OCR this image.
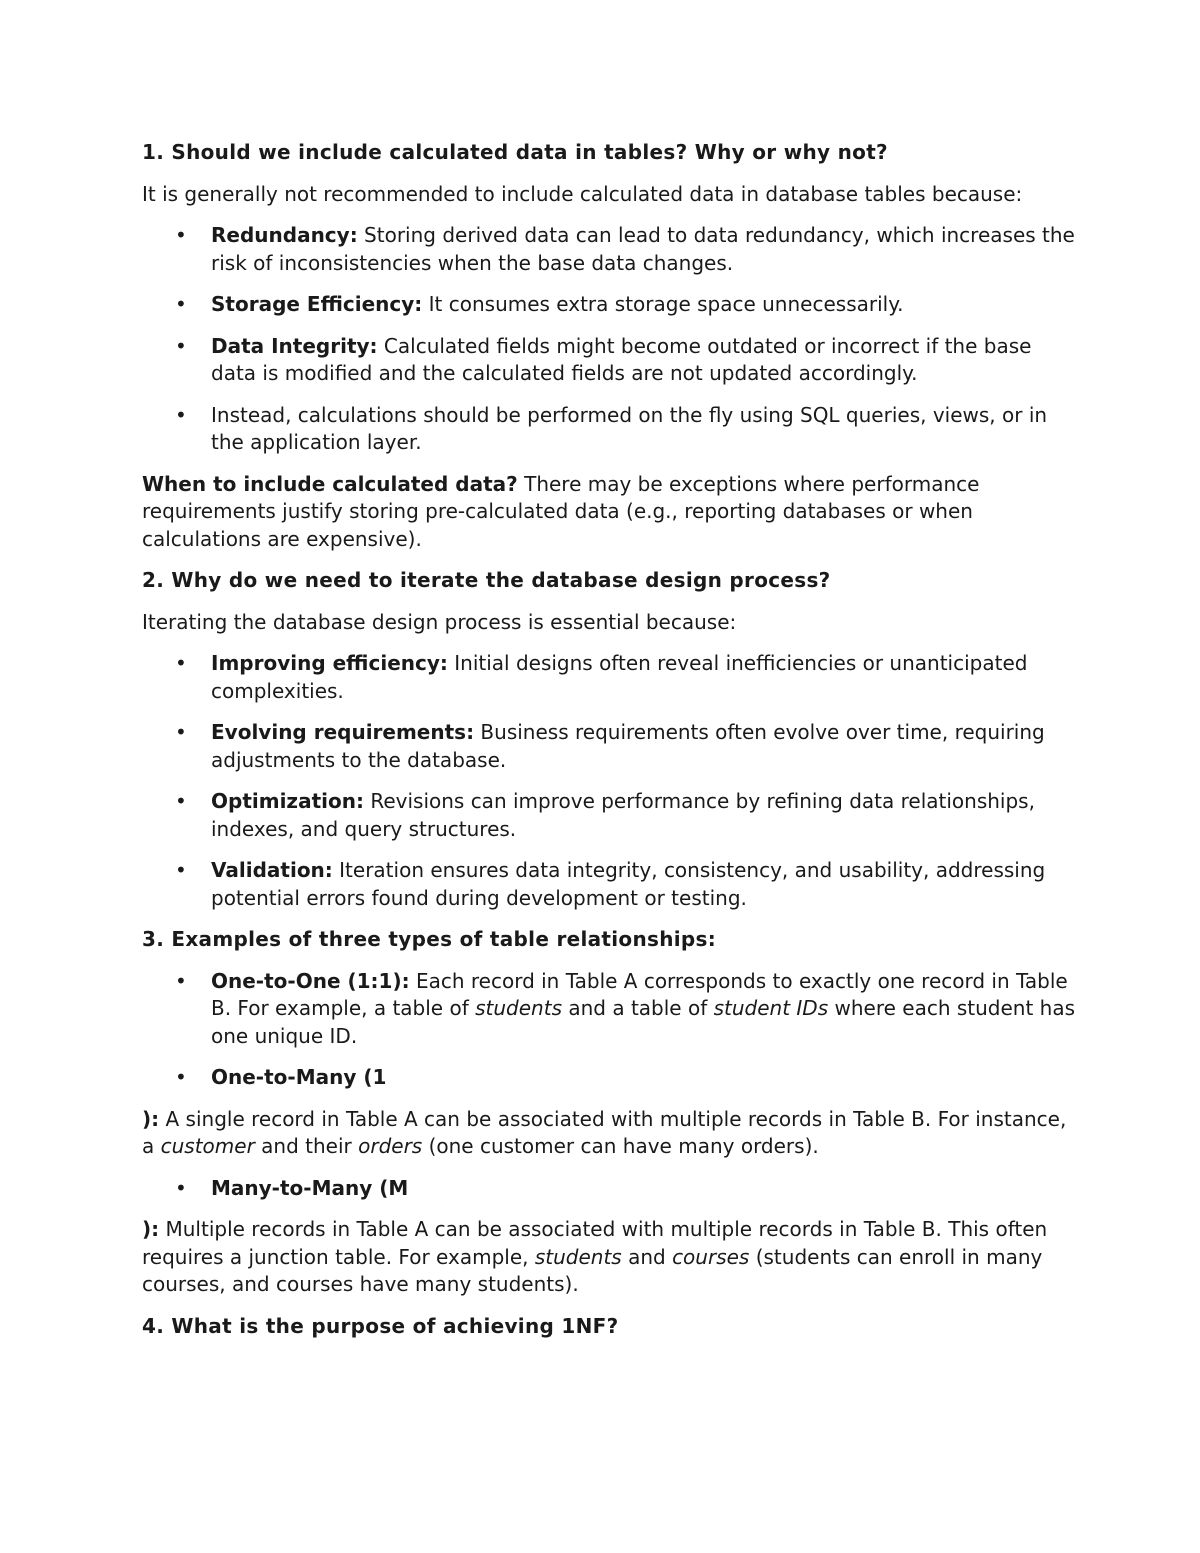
1. Should we include calculated data in tables? Why or why not?

It is generally not recommended to include calculated data in database tables because:

• Redundancy: Storing derived data can lead to data redundancy, which increases the risk of inconsistencies when the base data changes.
• Storage Efficiency: It consumes extra storage space unnecessarily.
• Data Integrity: Calculated fields might become outdated or incorrect if the base data is modified and the calculated fields are not updated accordingly.
• Instead, calculations should be performed on the fly using SQL queries, views, or in the application layer.

When to include calculated data? There may be exceptions where performance requirements justify storing pre-calculated data (e.g., reporting databases or when calculations are expensive).

2. Why do we need to iterate the database design process?

Iterating the database design process is essential because:

• Improving efficiency: Initial designs often reveal inefficiencies or unanticipated complexities.
• Evolving requirements: Business requirements often evolve over time, requiring adjustments to the database.
• Optimization: Revisions can improve performance by refining data relationships, indexes, and query structures.
• Validation: Iteration ensures data integrity, consistency, and usability, addressing potential errors found during development or testing.
3. Examples of three types of table relationships:
• One-to-One (1:1): Each record in Table A corresponds to exactly one record in Table B. For example, a table of students and a table of student IDs where each student has one unique ID.
• One-to-Many (1

): A single record in Table A can be associated with multiple records in Table B. For instance, a customer and their orders (one customer can have many orders).

• Many-to-Many (M

): Multiple records in Table A can be associated with multiple records in Table B. This often requires a junction table. For example, students and courses (students can enroll in many courses, and courses have many students).

4. What is the purpose of achieving 1NF?
